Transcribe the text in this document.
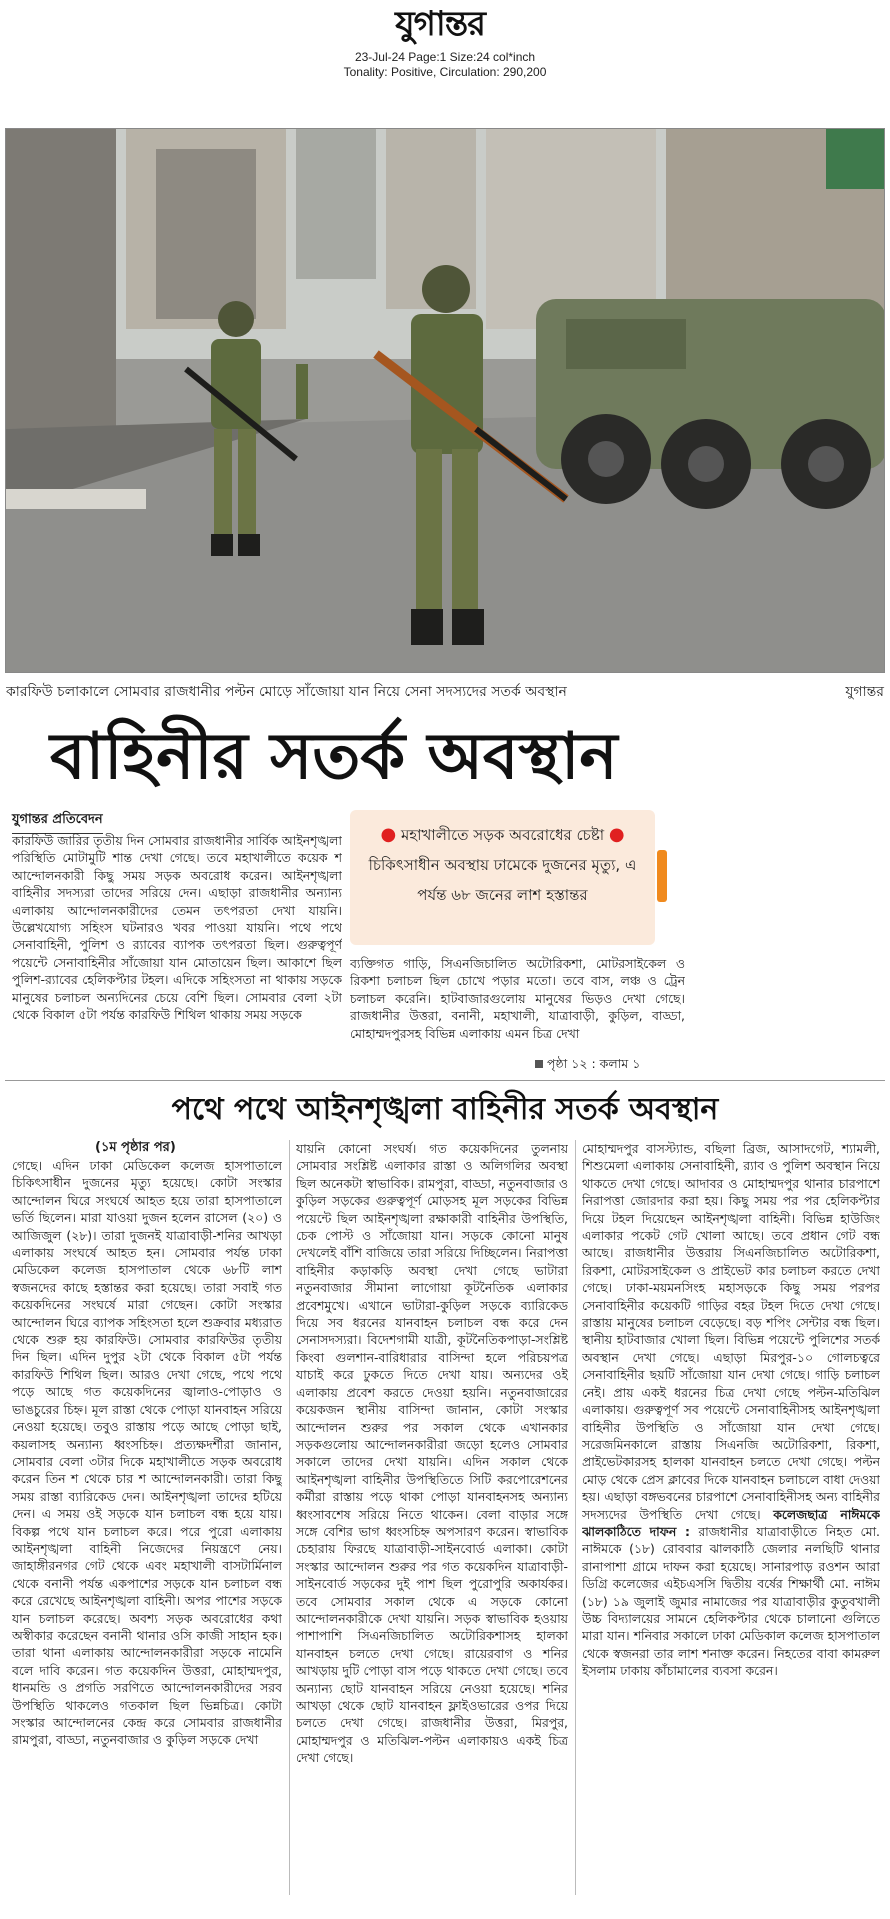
যুগান্তর
23-Jul-24 Page:1 Size:24 col*inch
Tonality: Positive, Circulation: 290,200
কারফিউ চলাকালে সোমবার রাজধানীর পল্টন মোড়ে সাঁজোয়া যান নিয়ে সেনা সদস্যদের সতর্ক অবস্থান	যুগান্তর
বাহিনীর সতর্ক অবস্থান
যুগান্তর প্রতিবেদন
কারফিউ জারির তৃতীয় দিন সোমবার রাজধানীর সার্বিক আইনশৃঙ্খলা পরিস্থিতি মোটামুটি শান্ত দেখা গেছে। তবে মহাখালীতে কয়েক শ আন্দোলনকারী কিছু সময় সড়ক অবরোধ করেন। আইনশৃঙ্খলা বাহিনীর সদস্যরা তাদের সরিয়ে দেন। এছাড়া রাজধানীর অন্যান্য এলাকায় আন্দোলনকারীদের তেমন তৎপরতা দেখা যায়নি। উল্লেখযোগ্য সহিংস ঘটনারও খবর পাওয়া যায়নি। পথে পথে সেনাবাহিনী, পুলিশ ও র‌্যাবের ব্যাপক তৎপরতা ছিল। গুরুত্বপূর্ণ পয়েন্টে সেনাবাহিনীর সাঁজোয়া যান মোতায়েন ছিল। আকাশে ছিল পুলিশ-র‌্যাবের হেলিকপ্টার টহল। এদিকে সহিংসতা না থাকায় সড়কে মানুষের চলাচল অন্যদিনের চেয়ে বেশি ছিল। সোমবার বেলা ২টা থেকে বিকাল ৫টা পর্যন্ত কারফিউ শিথিল থাকায় সময় সড়কে
● মহাখালীতে সড়ক অবরোধের চেষ্টা ● চিকিৎসাধীন অবস্থায় ঢামেকে দুজনের মৃত্যু, এ পর্যন্ত ৬৮ জনের লাশ হস্তান্তর
ব্যক্তিগত গাড়ি, সিএনজিচালিত অটোরিকশা, মোটরসাইকেল ও রিকশা চলাচল ছিল চোখে পড়ার মতো। তবে বাস, লঞ্চ ও ট্রেন চলাচল করেনি। হাটবাজারগুলোয় মানুষের ভিড়ও দেখা গেছে। রাজধানীর উত্তরা, বনানী, মহাখালী, যাত্রাবাড়ী, কুড়িল, বাড্ডা, মোহাম্মদপুরসহ বিভিন্ন এলাকায় এমন চিত্র দেখা
পৃষ্ঠা ১২ : কলাম ১
পথে পথে আইনশৃঙ্খলা বাহিনীর সতর্ক অবস্থান
(১ম পৃষ্ঠার পর)
গেছে। এদিন ঢাকা মেডিকেল কলেজ হাসপাতালে চিকিৎসাধীন দুজনের মৃত্যু হয়েছে। কোটা সংস্কার আন্দোলন ঘিরে সংঘর্ষে আহত হয়ে তারা হাসপাতালে ভর্তি ছিলেন। মারা যাওয়া দুজন হলেন রাসেল (২০) ও আজিজুল (২৮)। তারা দুজনই যাত্রাবাড়ী-শনির আখড়া এলাকায় সংঘর্ষে আহত হন। সোমবার পর্যন্ত ঢাকা মেডিকেল কলেজ হাসপাতাল থেকে ৬৮টি লাশ স্বজনদের কাছে হস্তান্তর করা হয়েছে। তারা সবাই গত কয়েকদিনের সংঘর্ষে মারা গেছেন। কোটা সংস্কার আন্দোলন ঘিরে ব্যাপক সহিংসতা হলে শুক্রবার মধ্যরাত থেকে শুরু হয় কারফিউ। সোমবার কারফিউর তৃতীয় দিন ছিল। এদিন দুপুর ২টা থেকে বিকাল ৫টা পর্যন্ত কারফিউ শিথিল ছিল। আরও দেখা গেছে, পথে পথে পড়ে আছে গত কয়েকদিনের জ্বালাও-পোড়াও ও ভাঙচুরের চিহ্ন। মূল রাস্তা থেকে পোড়া যানবাহন সরিয়ে নেওয়া হয়েছে। তবুও রাস্তায় পড়ে আছে পোড়া ছাই, কয়লাসহ অন্যান্য ধ্বংসচিহ্ন। প্রত্যক্ষদর্শীরা জানান, সোমবার বেলা ৩টার দিকে মহাখালীতে সড়ক অবরোধ করেন তিন শ থেকে চার শ আন্দোলনকারী। তারা কিছু সময় রাস্তা ব্যারিকেড দেন। আইনশৃঙ্খলা তাদের হটিয়ে দেন। এ সময় ওই সড়কে যান চলাচল বন্ধ হয়ে যায়। বিকল্প পথে যান চলাচল করে। পরে পুরো এলাকায় আইনশৃঙ্খলা বাহিনী নিজেদের নিয়ন্ত্রণে নেয়। জাহাঙ্গীরনগর গেট থেকে এবং মহাখালী বাসটার্মিনাল থেকে বনানী পর্যন্ত একপাশের সড়কে যান চলাচল বন্ধ করে রেখেছে আইনশৃঙ্খলা বাহিনী। অপর পাশের সড়কে যান চলাচল করেছে। অবশ্য সড়ক অবরোধের কথা অস্বীকার করেছেন বনানী থানার ওসি কাজী সাহান হক। তারা থানা এলাকায় আন্দোলনকারীরা সড়কে নামেনি বলে দাবি করেন। গত কয়েকদিন উত্তরা, মোহাম্মদপুর, ধানমন্ডি ও প্রগতি সরণিতে আন্দোলনকারীদের সরব উপস্থিতি থাকলেও গতকাল ছিল ভিন্নচিত্র। কোটা সংস্কার আন্দোলনের কেন্দ্র করে সোমবার রাজধানীর রামপুরা, বাড্ডা, নতুনবাজার ও কুড়িল সড়কে দেখা
যায়নি কোনো সংঘর্ষ। গত কয়েকদিনের তুলনায় সোমবার সংশ্লিষ্ট এলাকার রাস্তা ও অলিগলির অবস্থা ছিল অনেকটা স্বাভাবিক। রামপুরা, বাড্ডা, নতুনবাজার ও কুড়িল সড়কের গুরুত্বপূর্ণ মোড়সহ মূল সড়কের বিভিন্ন পয়েন্টে ছিল আইনশৃঙ্খলা রক্ষাকারী বাহিনীর উপস্থিতি, চেক পোস্ট ও সাঁজোয়া যান। সড়কে কোনো মানুষ দেখলেই বাঁশি বাজিয়ে তারা সরিয়ে দিচ্ছিলেন। নিরাপত্তা বাহিনীর কড়াকড়ি অবস্থা দেখা গেছে ভাটারা নতুনবাজার সীমানা লাগোয়া কূটনৈতিক এলাকার প্রবেশমুখে। এখানে ভাটারা-কুড়িল সড়কে ব্যারিকেড দিয়ে সব ধরনের যানবাহন চলাচল বন্ধ করে দেন সেনাসদস্যরা। বিদেশগামী যাত্রী, কূটনৈতিকপাড়া-সংশ্লিষ্ট কিংবা গুলশান-বারিধারার বাসিন্দা হলে পরিচয়পত্র যাচাই করে ঢুকতে দিতে দেখা যায়। অন্যদের ওই এলাকায় প্রবেশ করতে দেওয়া হয়নি। নতুনবাজারের কয়েকজন স্থানীয় বাসিন্দা জানান, কোটা সংস্কার আন্দোলন শুরুর পর সকাল থেকে এখানকার সড়কগুলোয় আন্দোলনকারীরা জড়ো হলেও সোমবার সকালে তাদের দেখা যায়নি। এদিন সকাল থেকে আইনশৃঙ্খলা বাহিনীর উপস্থিতিতে সিটি করপোরেশনের কর্মীরা রাস্তায় পড়ে থাকা পোড়া যানবাহনসহ অন্যান্য ধ্বংসাবশেষ সরিয়ে নিতে থাকেন। বেলা বাড়ার সঙ্গে সঙ্গে বেশির ভাগ ধ্বংসচিহ্ন অপসারণ করেন। স্বাভাবিক চেহারায় ফিরছে যাত্রাবাড়ী-সাইনবোর্ড এলাকা। কোটা সংস্কার আন্দোলন শুরুর পর গত কয়েকদিন যাত্রাবাড়ী-সাইনবোর্ড সড়কের দুই পাশ ছিল পুরোপুরি অকার্যকর। তবে সোমবার সকাল থেকে এ সড়কে কোনো আন্দোলনকারীকে দেখা যায়নি। সড়ক স্বাভাবিক হওয়ায় পাশাপাশি সিএনজিচালিত অটোরিকশাসহ হালকা যানবাহন চলতে দেখা গেছে। রায়েরবাগ ও শনির আখড়ায় দুটি পোড়া বাস পড়ে থাকতে দেখা গেছে। তবে অন্যান্য ছোট যানবাহন সরিয়ে নেওয়া হয়েছে। শনির আখড়া থেকে ছোট যানবাহন ফ্লাইওভারের ওপর দিয়ে চলতে দেখা গেছে। রাজধানীর উত্তরা, মিরপুর, মোহাম্মদপুর ও মতিঝিল-পল্টন এলাকায়ও একই চিত্র দেখা গেছে।
মোহাম্মদপুর বাসস্ট্যান্ড, বছিলা ব্রিজ, আসাদগেট, শ্যামলী, শিশুমেলা এলাকায় সেনাবাহিনী, র‌্যাব ও পুলিশ অবস্থান নিয়ে থাকতে দেখা গেছে। আদাবর ও মোহাম্মদপুর থানার চারপাশে নিরাপত্তা জোরদার করা হয়। কিছু সময় পর পর হেলিকপ্টার দিয়ে টহল দিয়েছেন আইনশৃঙ্খলা বাহিনী। বিভিন্ন হাউজিং এলাকার পকেট গেট খোলা আছে। তবে প্রধান গেট বন্ধ আছে। রাজধানীর উত্তরায় সিএনজিচালিত অটোরিকশা, রিকশা, মোটরসাইকেল ও প্রাইভেট কার চলাচল করতে দেখা গেছে। ঢাকা-ময়মনসিংহ মহাসড়কে কিছু সময় পরপর সেনাবাহিনীর কয়েকটি গাড়ির বহর টহল দিতে দেখা গেছে। রাস্তায় মানুষের চলাচল বেড়েছে। বড় শপিং সেন্টার বন্ধ ছিল। স্থানীয় হাটবাজার খোলা ছিল। বিভিন্ন পয়েন্টে পুলিশের সতর্ক অবস্থান দেখা গেছে। এছাড়া মিরপুর-১০ গোলচত্বরে সেনাবাহিনীর ছয়টি সাঁজোয়া যান দেখা গেছে। গাড়ি চলাচল নেই। প্রায় একই ধরনের চিত্র দেখা গেছে পল্টন-মতিঝিল এলাকায়। গুরুত্বপূর্ণ সব পয়েন্টে সেনাবাহিনীসহ আইনশৃঙ্খলা বাহিনীর উপস্থিতি ও সাঁজোয়া যান দেখা গেছে। সরেজমিনকালে রাস্তায় সিএনজি অটোরিকশা, রিকশা, প্রাইভেটকারসহ হালকা যানবাহন চলতে দেখা গেছে। পল্টন মোড় থেকে প্রেস ক্লাবের দিকে যানবাহন চলাচলে বাধা দেওয়া হয়। এছাড়া বঙ্গভবনের চারপাশে সেনাবাহিনীসহ অন্য বাহিনীর সদস্যদের উপস্থিতি দেখা গেছে। কলেজছাত্র নাঈমকে ঝালকাঠিতে দাফন : রাজধানীর যাত্রাবাড়ীতে নিহত মো. নাঈমকে (১৮) রোববার ঝালকাঠি জেলার নলছিটি থানার রানাপাশা গ্রামে দাফন করা হয়েছে। সানারপাড় রওশন আরা ডিগ্রি কলেজের এইচএসসি দ্বিতীয় বর্ষের শিক্ষার্থী মো. নাঈম (১৮) ১৯ জুলাই জুমার নামাজের পর যাত্রাবাড়ীর কুতুবখালী উচ্চ বিদ্যালয়ের সামনে হেলিকপ্টার থেকে চালানো গুলিতে মারা যান। শনিবার সকালে ঢাকা মেডিকাল কলেজ হাসপাতাল থেকে স্বজনরা তার লাশ শনাক্ত করেন। নিহতের বাবা কামরুল ইসলাম ঢাকায় কাঁচামালের ব্যবসা করেন।
